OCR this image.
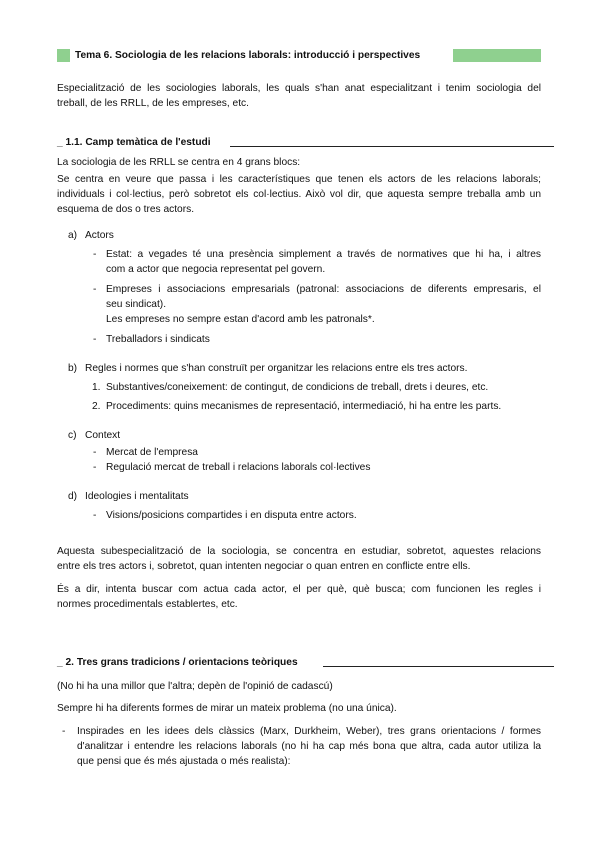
Tema 6. Sociologia de les relacions laborals: introducció i perspectives
Especialització de les sociologies laborals, les quals s'han anat especialitzant i tenim sociologia del
treball, de les RRLL, de les empreses, etc.
_ 1.1. Camp temàtica de l'estudi
La sociologia de les RRLL se centra en 4 grans blocs:
Se centra en veure que passa i les característiques que tenen els actors de les relacions laborals;
individuals i col·lectius, però sobretot els col·lectius. Això vol dir, que aquesta sempre treballa amb un
esquema de dos o tres actors.
a) Actors
- Estat: a vegades té una presència simplement a través de normatives que hi ha, i altres
com a actor que negocia representat pel govern.
- Empreses i associacions empresarials (patronal: associacions de diferents empresaris, el
seu sindicat).
Les empreses no sempre estan d'acord amb les patronals*.
- Treballadors i sindicats
b) Regles i normes que s'han construït per organitzar les relacions entre els tres actors.
1. Substantives/coneixement: de contingut, de condicions de treball, drets i deures, etc.
2. Procediments: quins mecanismes de representació, intermediació, hi ha entre les parts.
c) Context
- Mercat de l'empresa
- Regulació mercat de treball i relacions laborals col·lectives
d) Ideologies i mentalitats
- Visions/posicions compartides i en disputa entre actors.
Aquesta subespecialització de la sociologia, se concentra en estudiar, sobretot, aquestes relacions
entre els tres actors i, sobretot, quan intenten negociar o quan entren en conflicte entre ells.
És a dir, intenta buscar com actua cada actor, el per què, què busca; com funcionen les regles i
normes procedimentals establertes, etc.
_ 2. Tres grans tradicions / orientacions teòriques
(No hi ha una millor que l'altra; depèn de l'opinió de cadascú)
Sempre hi ha diferents formes de mirar un mateix problema (no una única).
- Inspirades en les idees dels clàssics (Marx, Durkheim, Weber), tres grans orientacions / formes
d'analitzar i entendre les relacions laborals (no hi ha cap més bona que altra, cada autor utiliza la
que pensi que és més ajustada o més realista):
